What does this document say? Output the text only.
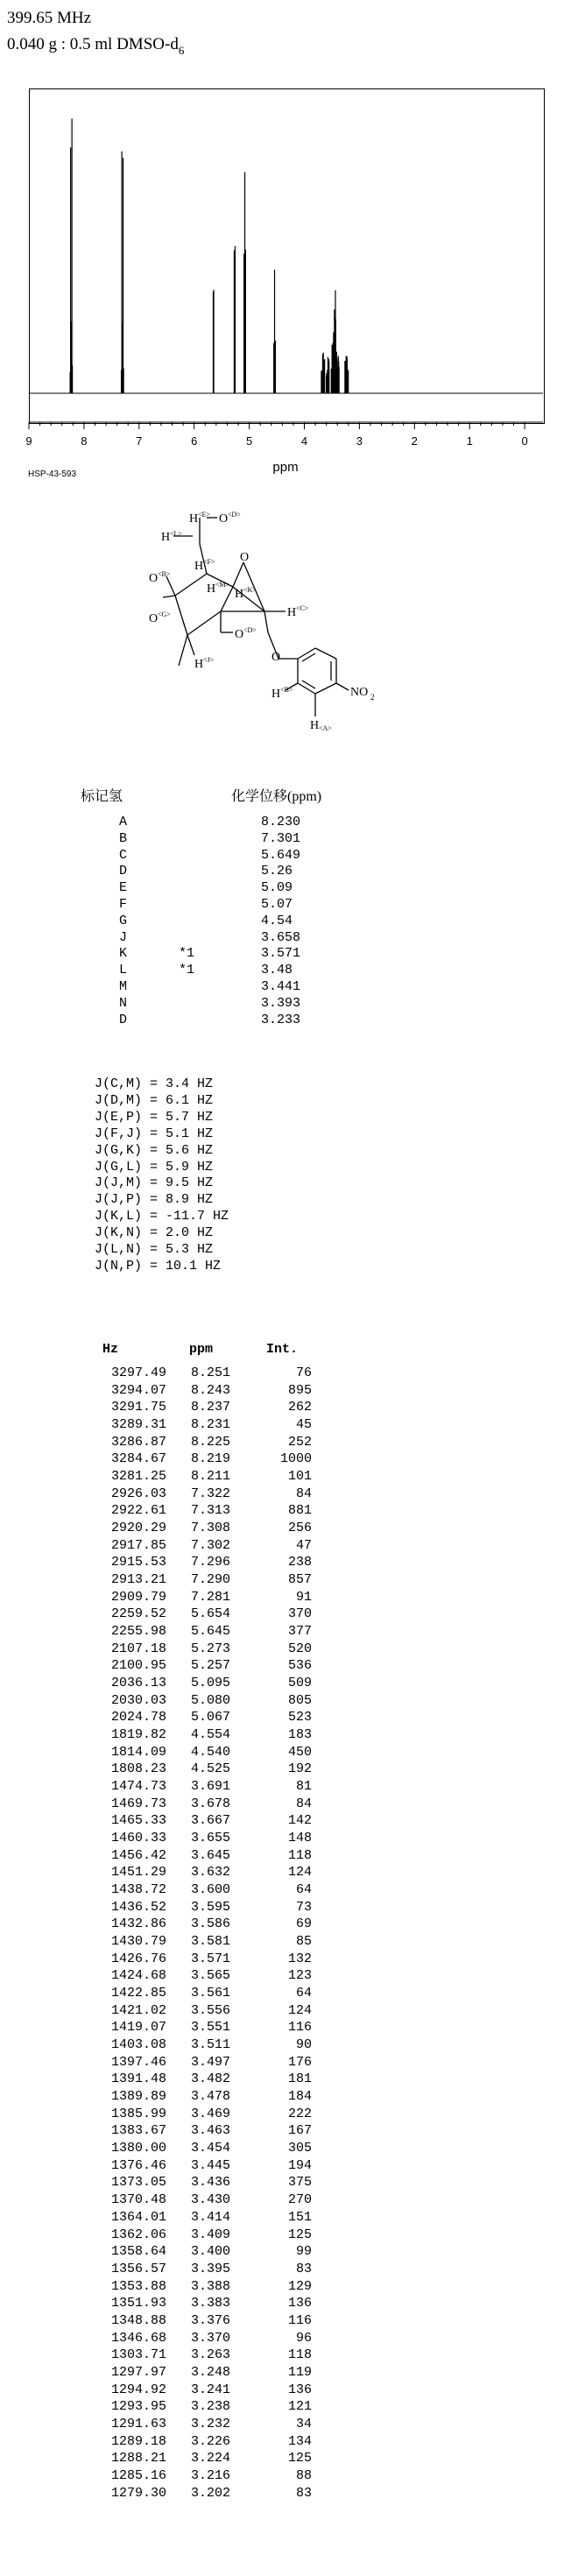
399.65 MHz
0.040 g : 0.5 ml DMSO-$d_6$
9	8	7	6	5	4	3	2	1	0
ppm
HSP-43-593
H <E> O <D>
H <L>
O
H <F>
O <B>
H <M>
H <K>
H <C>
O <G>
O <D>
H <J>	O
H <B>	NO 2
H <A>
标记氢	化学位移(ppm)
A	8.230
B	7.301
C	5.649
D	5.26
E	5.09
F	5.07
G	4.54
J	3.658
K	*1	3.571
L	*1	3.48
M	3.441
N	3.393
D	3.233
J(C,M) = 3.4 HZ
J(D,M) = 6.1 HZ
J(E,P) = 5.7 HZ
J(F,J) = 5.1 HZ
J(G,K) = 5.6 HZ
J(G,L) = 5.9 HZ
J(J,M) = 9.5 HZ
J(J,P) = 8.9 HZ
J(K,L) = -11.7 HZ
J(K,N) = 2.0 HZ
J(L,N) = 5.3 HZ
J(N,P) = 10.1 HZ
Hz	ppm	Int.
3297.49	8.251	76
3294.07	8.243	895
3291.75	8.237	262
3289.31	8.231	45
3286.87	8.225	252
3284.67	8.219	1000
3281.25	8.211	101
2926.03	7.322	84
2922.61	7.313	881
2920.29	7.308	256
2917.85	7.302	47
2915.53	7.296	238
2913.21	7.290	857
2909.79	7.281	91
2259.52	5.654	370
2255.98	5.645	377
2107.18	5.273	520
2100.95	5.257	536
2036.13	5.095	509
2030.03	5.080	805
2024.78	5.067	523
1819.82	4.554	183
1814.09	4.540	450
1808.23	4.525	192
1474.73	3.691	81
1469.73	3.678	84
1465.33	3.667	142
1460.33	3.655	148
1456.42	3.645	118
1451.29	3.632	124
1438.72	3.600	64
1436.52	3.595	73
1432.86	3.586	69
1430.79	3.581	85
1426.76	3.571	132
1424.68	3.565	123
1422.85	3.561	64
1421.02	3.556	124
1419.07	3.551	116
1403.08	3.511	90
1397.46	3.497	176
1391.48	3.482	181
1389.89	3.478	184
1385.99	3.469	222
1383.67	3.463	167
1380.00	3.454	305
1376.46	3.445	194
1373.05	3.436	375
1370.48	3.430	270
1364.01	3.414	151
1362.06	3.409	125
1358.64	3.400	99
1356.57	3.395	83
1353.88	3.388	129
1351.93	3.383	136
1348.88	3.376	116
1346.68	3.370	96
1303.71	3.263	118
1297.97	3.248	119
1294.92	3.241	136
1293.95	3.238	121
1291.63	3.232	34
1289.18	3.226	134
1288.21	3.224	125
1285.16	3.216	88
1279.30	3.202	83
